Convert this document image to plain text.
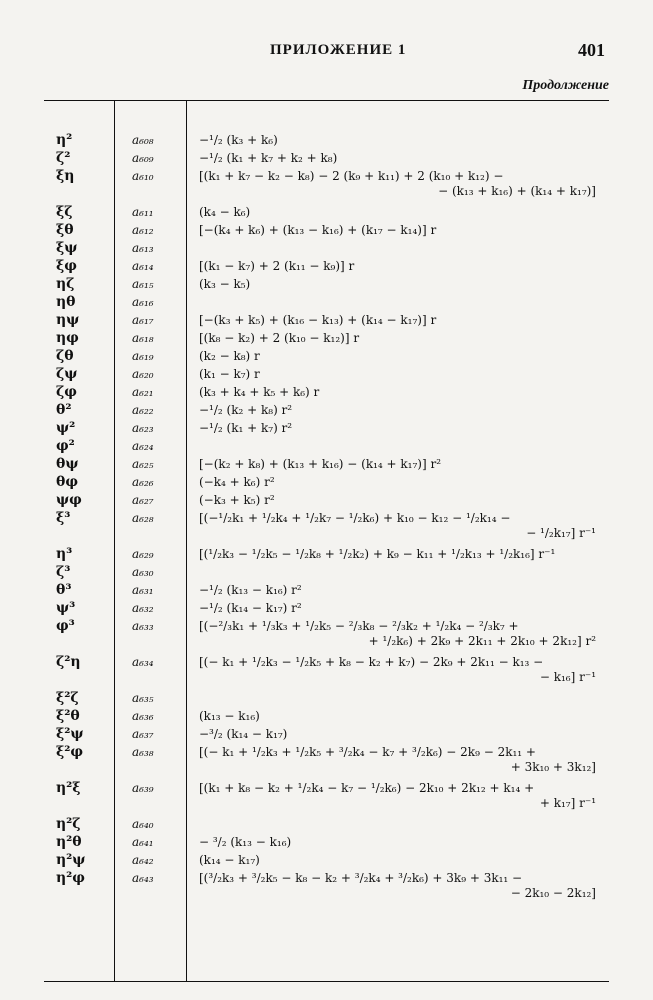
ПРИЛОЖЕНИЕ 1	401
Продолжение
η²	a₆₀₈	−¹/₂ (k₃ + k₆)
ζ²	a₆₀₉	−¹/₂ (k₁ + k₇ + k₂ + k₈)
ξη	a₆₁₀	[(k₁ + k₇ − k₂ − k₈) − 2 (k₉ + k₁₁) + 2 (k₁₀ + k₁₂) −
− (k₁₃ + k₁₆) + (k₁₄ + k₁₇)]
ξζ	a₆₁₁	(k₄ − k₆)
ξθ	a₆₁₂	[−(k₄ + k₆) + (k₁₃ − k₁₆) + (k₁₇ − k₁₄)] r
ξψ	a₆₁₃
ξφ	a₆₁₄	[(k₁ − k₇) + 2 (k₁₁ − k₉)] r
ηζ	a₆₁₅	(k₃ − k₅)
ηθ	a₆₁₆
ηψ	a₆₁₇	[−(k₃ + k₅) + (k₁₆ − k₁₃) + (k₁₄ − k₁₇)] r
ηφ	a₆₁₈	[(k₈ − k₂) + 2 (k₁₀ − k₁₂)] r
ζθ	a₆₁₉	(k₂ − k₈) r
ζψ	a₆₂₀	(k₁ − k₇) r
ζφ	a₆₂₁	(k₃ + k₄ + k₅ + k₆) r
θ²	a₆₂₂	−¹/₂ (k₂ + k₈) r²
ψ²	a₆₂₃	−¹/₂ (k₁ + k₇) r²
φ²	a₆₂₄
θψ	a₆₂₅	[−(k₂ + k₈) + (k₁₃ + k₁₆) − (k₁₄ + k₁₇)] r²
θφ	a₆₂₆	(−k₄ + k₆) r²
ψφ	a₆₂₇	(−k₃ + k₅) r²
ξ³	a₆₂₈	[(−¹/₂k₁ + ¹/₂k₄ + ¹/₂k₇ − ¹/₂k₆) + k₁₀ − k₁₂ − ¹/₂k₁₄ −
− ¹/₂k₁₇] r⁻¹
η³	a₆₂₉	[(¹/₂k₃ − ¹/₂k₅ − ¹/₂k₈ + ¹/₂k₂) + k₉ − k₁₁ + ¹/₂k₁₃ + ¹/₂k₁₆] r⁻¹
ζ³	a₆₃₀
θ³	a₆₃₁	−¹/₂ (k₁₃ − k₁₆) r²
ψ³	a₆₃₂	−¹/₂ (k₁₄ − k₁₇) r²
φ³	a₆₃₃	[(−²/₃k₁ + ¹/₃k₃ + ¹/₂k₅ − ²/₃k₈ − ²/₃k₂ + ¹/₂k₄ − ²/₃k₇ +
+ ¹/₂k₆) + 2k₉ + 2k₁₁ + 2k₁₀ + 2k₁₂] r²
ζ²η	a₆₃₄	[(− k₁ + ¹/₂k₃ − ¹/₂k₅ + k₈ − k₂ + k₇) − 2k₉ + 2k₁₁ − k₁₃ −
− k₁₆] r⁻¹
ξ²ζ	a₆₃₅
ξ²θ	a₆₃₆	(k₁₃ − k₁₆)
ξ²ψ	a₆₃₇	−³/₂ (k₁₄ − k₁₇)
ξ²φ	a₆₃₈	[(− k₁ + ¹/₂k₃ + ¹/₂k₅ + ³/₂k₄ − k₇ + ³/₂k₆) − 2k₉ − 2k₁₁ +
+ 3k₁₀ + 3k₁₂]
η²ξ	a₆₃₉	[(k₁ + k₈ − k₂ + ¹/₂k₄ − k₇ − ¹/₂k₆) − 2k₁₀ + 2k₁₂ + k₁₄ +
+ k₁₇] r⁻¹
η²ζ	a₆₄₀
η²θ	a₆₄₁	− ³/₂ (k₁₃ − k₁₆)
η²ψ	a₆₄₂	(k₁₄ − k₁₇)
η²φ	a₆₄₃	[(³/₂k₃ + ³/₂k₅ − k₈ − k₂ + ³/₂k₄ + ³/₂k₆) + 3k₉ + 3k₁₁ −
− 2k₁₀ − 2k₁₂]
